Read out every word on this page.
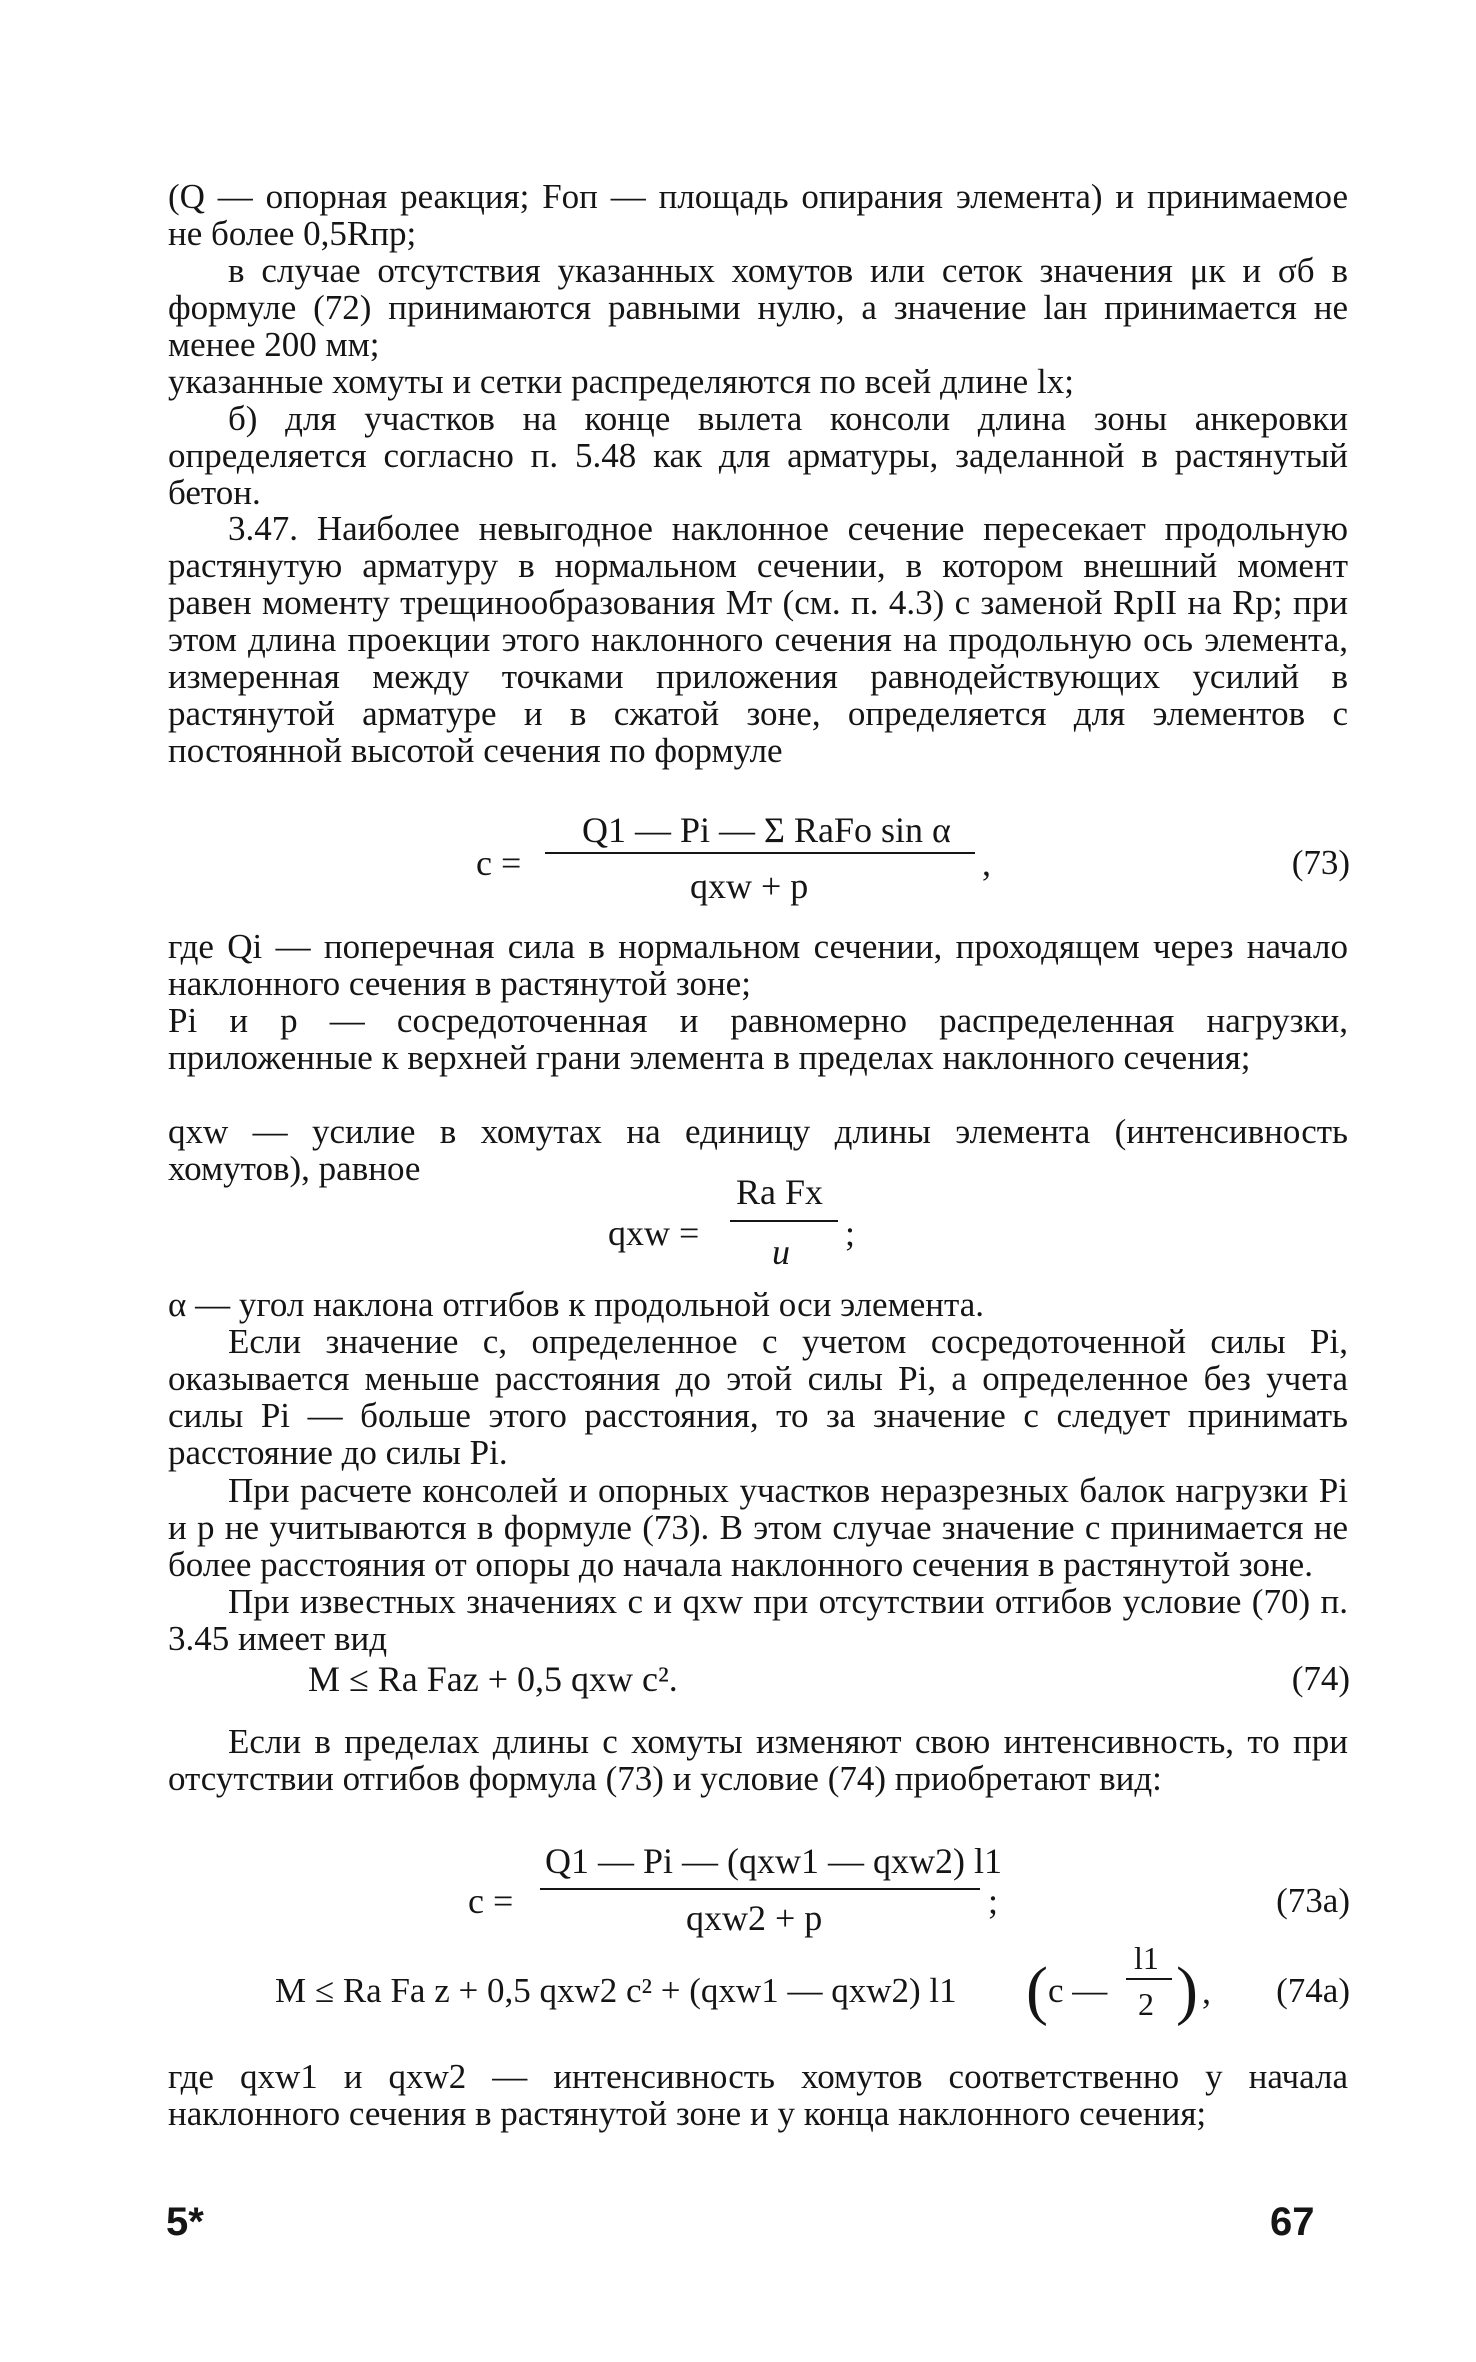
(Q — опорная реакция; Fоп — площадь опирания элемента) и принимаемое не более 0,5Rпр;

в случае отсутствия указанных хомутов или сеток значения μк и σб в формуле (72) принимаются равными нулю, а значение lан принимается не менее 200 мм;

указанные хомуты и сетки распределяются по всей длине lх;

б) для участков на конце вылета консоли длина зоны анкеровки определяется согласно п. 5.48 как для арматуры, заделанной в растянутый бетон.

3.47. Наиболее невыгодное наклонное сечение пересекает продольную растянутую арматуру в нормальном сечении, в котором внешний момент равен моменту трещинообразования Mт (см. п. 4.3) с заменой RрII на Rр; при этом длина проекции этого наклонного сечения на продольную ось элемента, измеренная между точками приложения равнодействующих усилий в растянутой арматуре и в сжатой зоне, определяется для элементов с постоянной высотой сечения по формуле

c =
Q1 — Pi — Σ RаFо sin α
qхw + p
,	(73)

где Qi — поперечная сила в нормальном сечении, проходящем через начало наклонного сечения в растянутой зоне;

Pi и p — сосредоточенная и равномерно распределенная нагрузки, приложенные к верхней грани элемента в пределах наклонного сечения;

qхw — усилие в хомутах на единицу длины элемента (интенсивность хомутов), равное

qхw =
Rа Fх
u ;

α — угол наклона отгибов к продольной оси элемента.

Если значение c, определенное с учетом сосредоточенной силы Pi, оказывается меньше расстояния до этой силы Pi, а определенное без учета силы Pi — больше этого расстояния, то за значение c следует принимать расстояние до силы Pi.

При расчете консолей и опорных участков неразрезных балок нагрузки Pi и p не учитываются в формуле (73). В этом случае значение c принимается не более расстояния от опоры до начала наклонного сечения в растянутой зоне.

При известных значениях c и qхw при отсутствии отгибов условие (70) п. 3.45 имеет вид

M ≤ Rа Fаz + 0,5 qхw c².	(74)

Если в пределах длины c хомуты изменяют свою интенсивность, то при отсутствии отгибов формула (73) и условие (74) приобретают вид:

c =
Q1 — Pi — (qхw1 — qхw2) l1
qхw2 + p	;	(73а)
M ≤ Rа Fа z + 0,5 qхw2 c² + (qхw1 — qхw2) l1 ( c —
l1
2 ) , (74а)

где qхw1 и qхw2 — интенсивность хомутов соответственно у начала наклонного сечения в растянутой зоне и у конца наклонного сечения;

5*	67
